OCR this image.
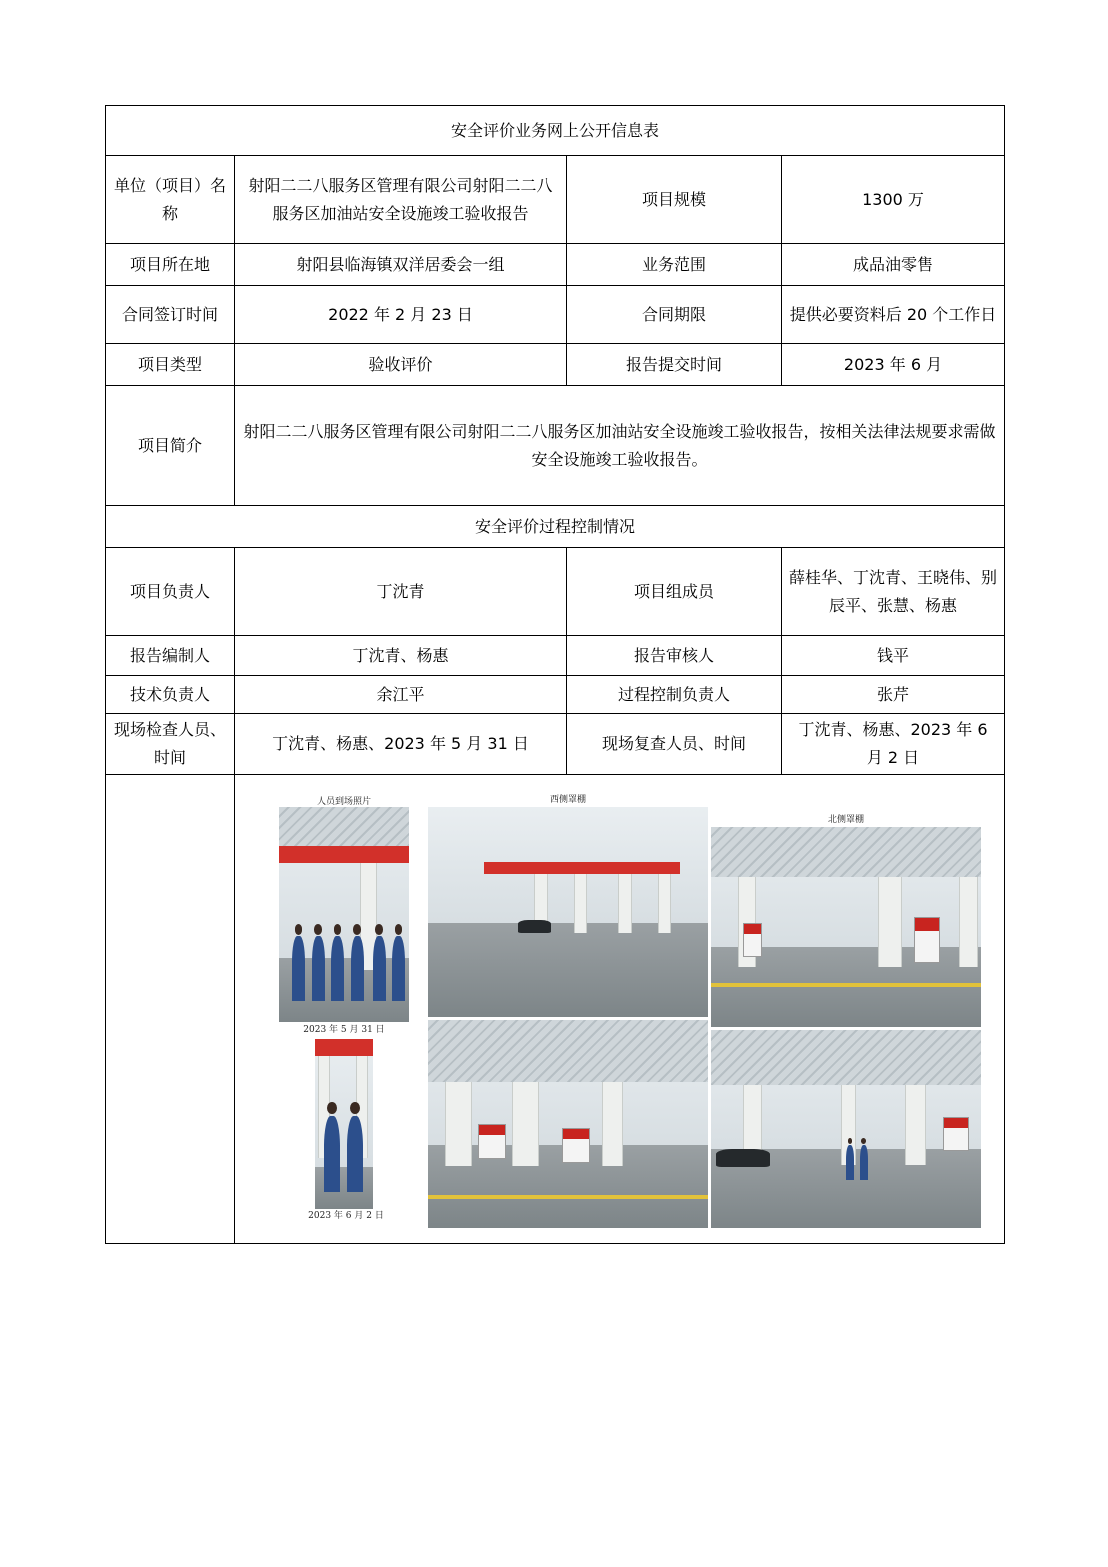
安全评价业务网上公开信息表			
单位（项目）名称	射阳二二八服务区管理有限公司射阳二二八服务区加油站安全设施竣工验收报告	项目规模	1300 万
项目所在地	射阳县临海镇双洋居委会一组	业务范围	成品油零售
合同签订时间	2022 年 2 月 23 日	合同期限	提供必要资料后 20 个工作日
项目类型	验收评价	报告提交时间	2023 年 6 月
项目简介	射阳二二八服务区管理有限公司射阳二二八服务区加油站安全设施竣工验收报告，按相关法律法规要求需做安全设施竣工验收报告。		
安全评价过程控制情况			
项目负责人	丁沈青	项目组成员	薛桂华、丁沈青、王晓伟、别辰平、张慧、杨惠
报告编制人	丁沈青、杨惠	报告审核人	钱平
技术负责人	余江平	过程控制负责人	张芹
现场检查人员、时间	丁沈青、杨惠、2023 年 5 月 31 日	现场复查人员、时间	丁沈青、杨惠、2023 年 6 月 2 日

	人员到场照片
2023 年 5 月 31 日
2023 年 6 月 2 日
西侧罩棚
北侧罩棚		
